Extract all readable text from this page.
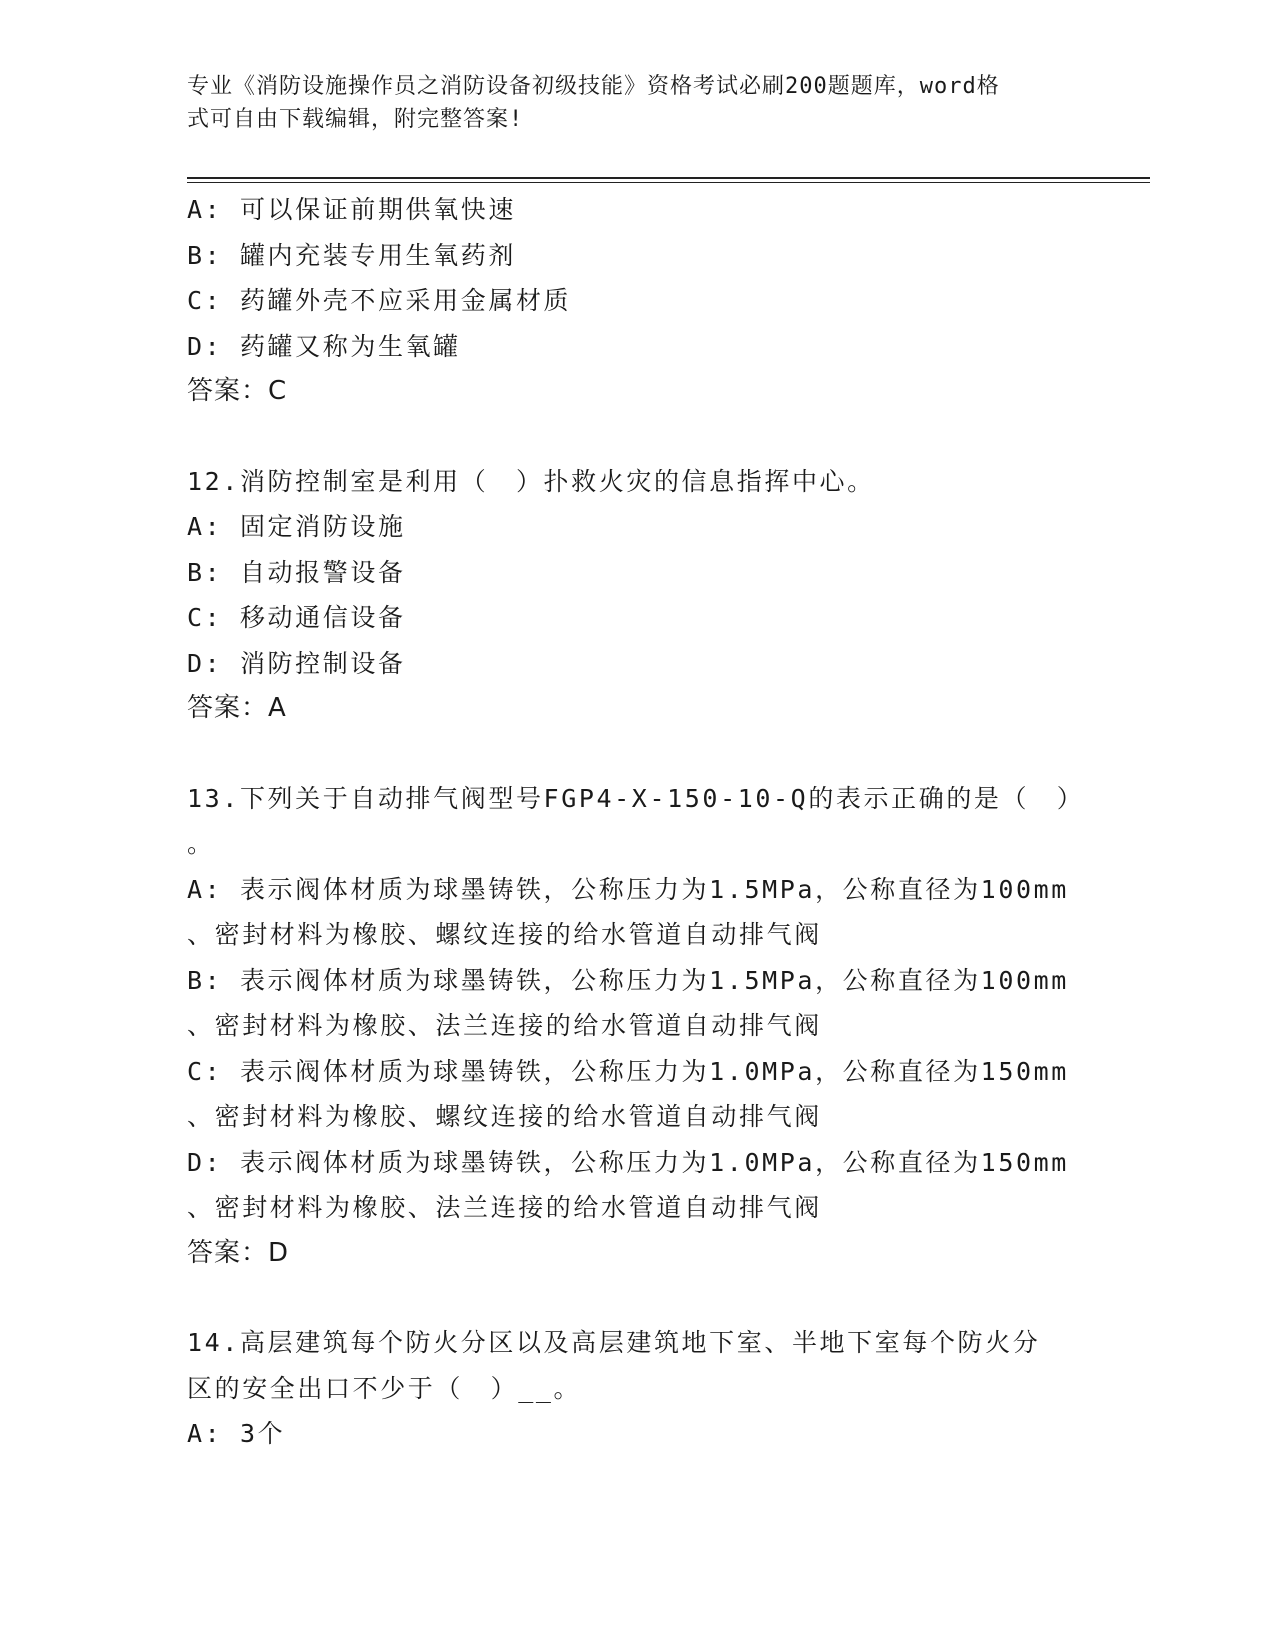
专业《消防设施操作员之消防设备初级技能》资格考试必刷200题题库，word格
式可自由下载编辑，附完整答案!
A: 可以保证前期供氧快速
B: 罐内充装专用生氧药剂
C: 药罐外壳不应采用金属材质
D: 药罐又称为生氧罐
答案：C
12.消防控制室是利用（　）扑救火灾的信息指挥中心。
A: 固定消防设施
B: 自动报警设备
C: 移动通信设备
D: 消防控制设备
答案：A
13.下列关于自动排气阀型号FGP4-X-150-10-Q的表示正确的是（　）
。
A: 表示阀体材质为球墨铸铁，公称压力为1.5MPa，公称直径为100mm
、密封材料为橡胶、螺纹连接的给水管道自动排气阀
B: 表示阀体材质为球墨铸铁，公称压力为1.5MPa，公称直径为100mm
、密封材料为橡胶、法兰连接的给水管道自动排气阀
C: 表示阀体材质为球墨铸铁，公称压力为1.0MPa，公称直径为150mm
、密封材料为橡胶、螺纹连接的给水管道自动排气阀
D: 表示阀体材质为球墨铸铁，公称压力为1.0MPa，公称直径为150mm
、密封材料为橡胶、法兰连接的给水管道自动排气阀
答案：D
14.高层建筑每个防火分区以及高层建筑地下室、半地下室每个防火分
区的安全出口不少于（　）__。
A: 3个
